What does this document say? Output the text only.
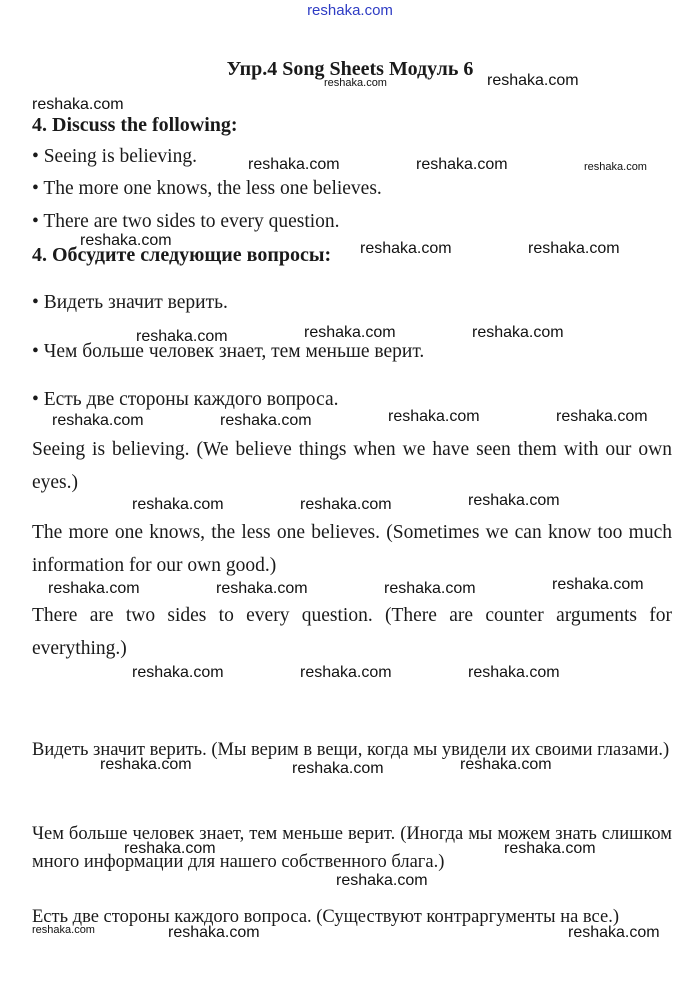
reshaka.com
Упр.4 Song Sheets Модуль 6
4. Discuss the following:
• Seeing is believing.
• The more one knows, the less one believes.
• There are two sides to every question.
4. Обсудите следующие вопросы:
• Видеть значит верить.
• Чем больше человек знает, тем меньше верит.
• Есть две стороны каждого вопроса.
Seeing is believing. (We believe things when we have seen them with our own eyes.)
The more one knows, the less one believes. (Sometimes we can know too much information for our own good.)
There are two sides to every question. (There are counter arguments for everything.)
Видеть значит верить. (Мы верим в вещи, когда мы увидели их своими глазами.)
Чем больше человек знает, тем меньше верит. (Иногда мы можем знать слишком много информации для нашего собственного блага.)
Есть две стороны каждого вопроса. (Существуют контраргументы на все.)
reshaka.com	reshaka.com
reshaka.com
reshaka.com	reshaka.com	reshaka.com
reshaka.com	reshaka.com	reshaka.com
reshaka.com	reshaka.com	reshaka.com
reshaka.com	reshaka.com	reshaka.com	reshaka.com
reshaka.com	reshaka.com	reshaka.com
reshaka.com	reshaka.com	reshaka.com	reshaka.com
reshaka.com	reshaka.com	reshaka.com
reshaka.com	reshaka.com	reshaka.com
reshaka.com	reshaka.com
reshaka.com
reshaka.com	reshaka.com	reshaka.com
